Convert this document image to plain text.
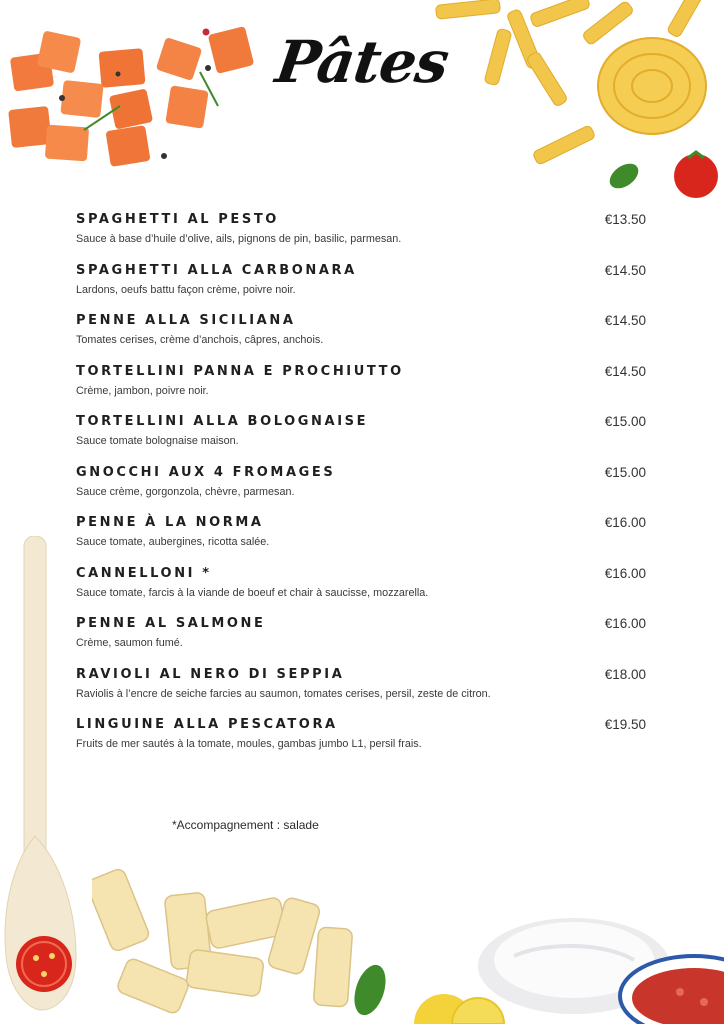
Pâtes
SPAGHETTI AL PESTO	€13.50
Sauce à base d’huile d’olive, ails, pignons de pin, basilic, parmesan.
SPAGHETTI ALLA CARBONARA	€14.50
Lardons, oeufs battu façon crème, poivre noir.
PENNE ALLA SICILIANA	€14.50
Tomates cerises, crème d’anchois, câpres, anchois.
TORTELLINI PANNA E PROCHIUTTO	€14.50
Crème, jambon, poivre noir.
TORTELLINI ALLA BOLOGNAISE	€15.00
Sauce tomate bolognaise maison.
GNOCCHI AUX 4 FROMAGES	€15.00
Sauce crème, gorgonzola, chèvre, parmesan.
PENNE À LA NORMA	€16.00
Sauce tomate, aubergines, ricotta salée.
CANNELLONI *	€16.00
Sauce tomate, farcis à la viande de boeuf et chair à saucisse, mozzarella.
PENNE AL SALMONE	€16.00
Crème, saumon fumé.
RAVIOLI AL NERO DI SEPPIA	€18.00
Raviolis à l’encre de seiche farcies au saumon, tomates cerises, persil, zeste de citron.
LINGUINE ALLA PESCATORA	€19.50
Fruits de mer sautés à la tomate, moules, gambas jumbo L1, persil frais.
*Accompagnement : salade
